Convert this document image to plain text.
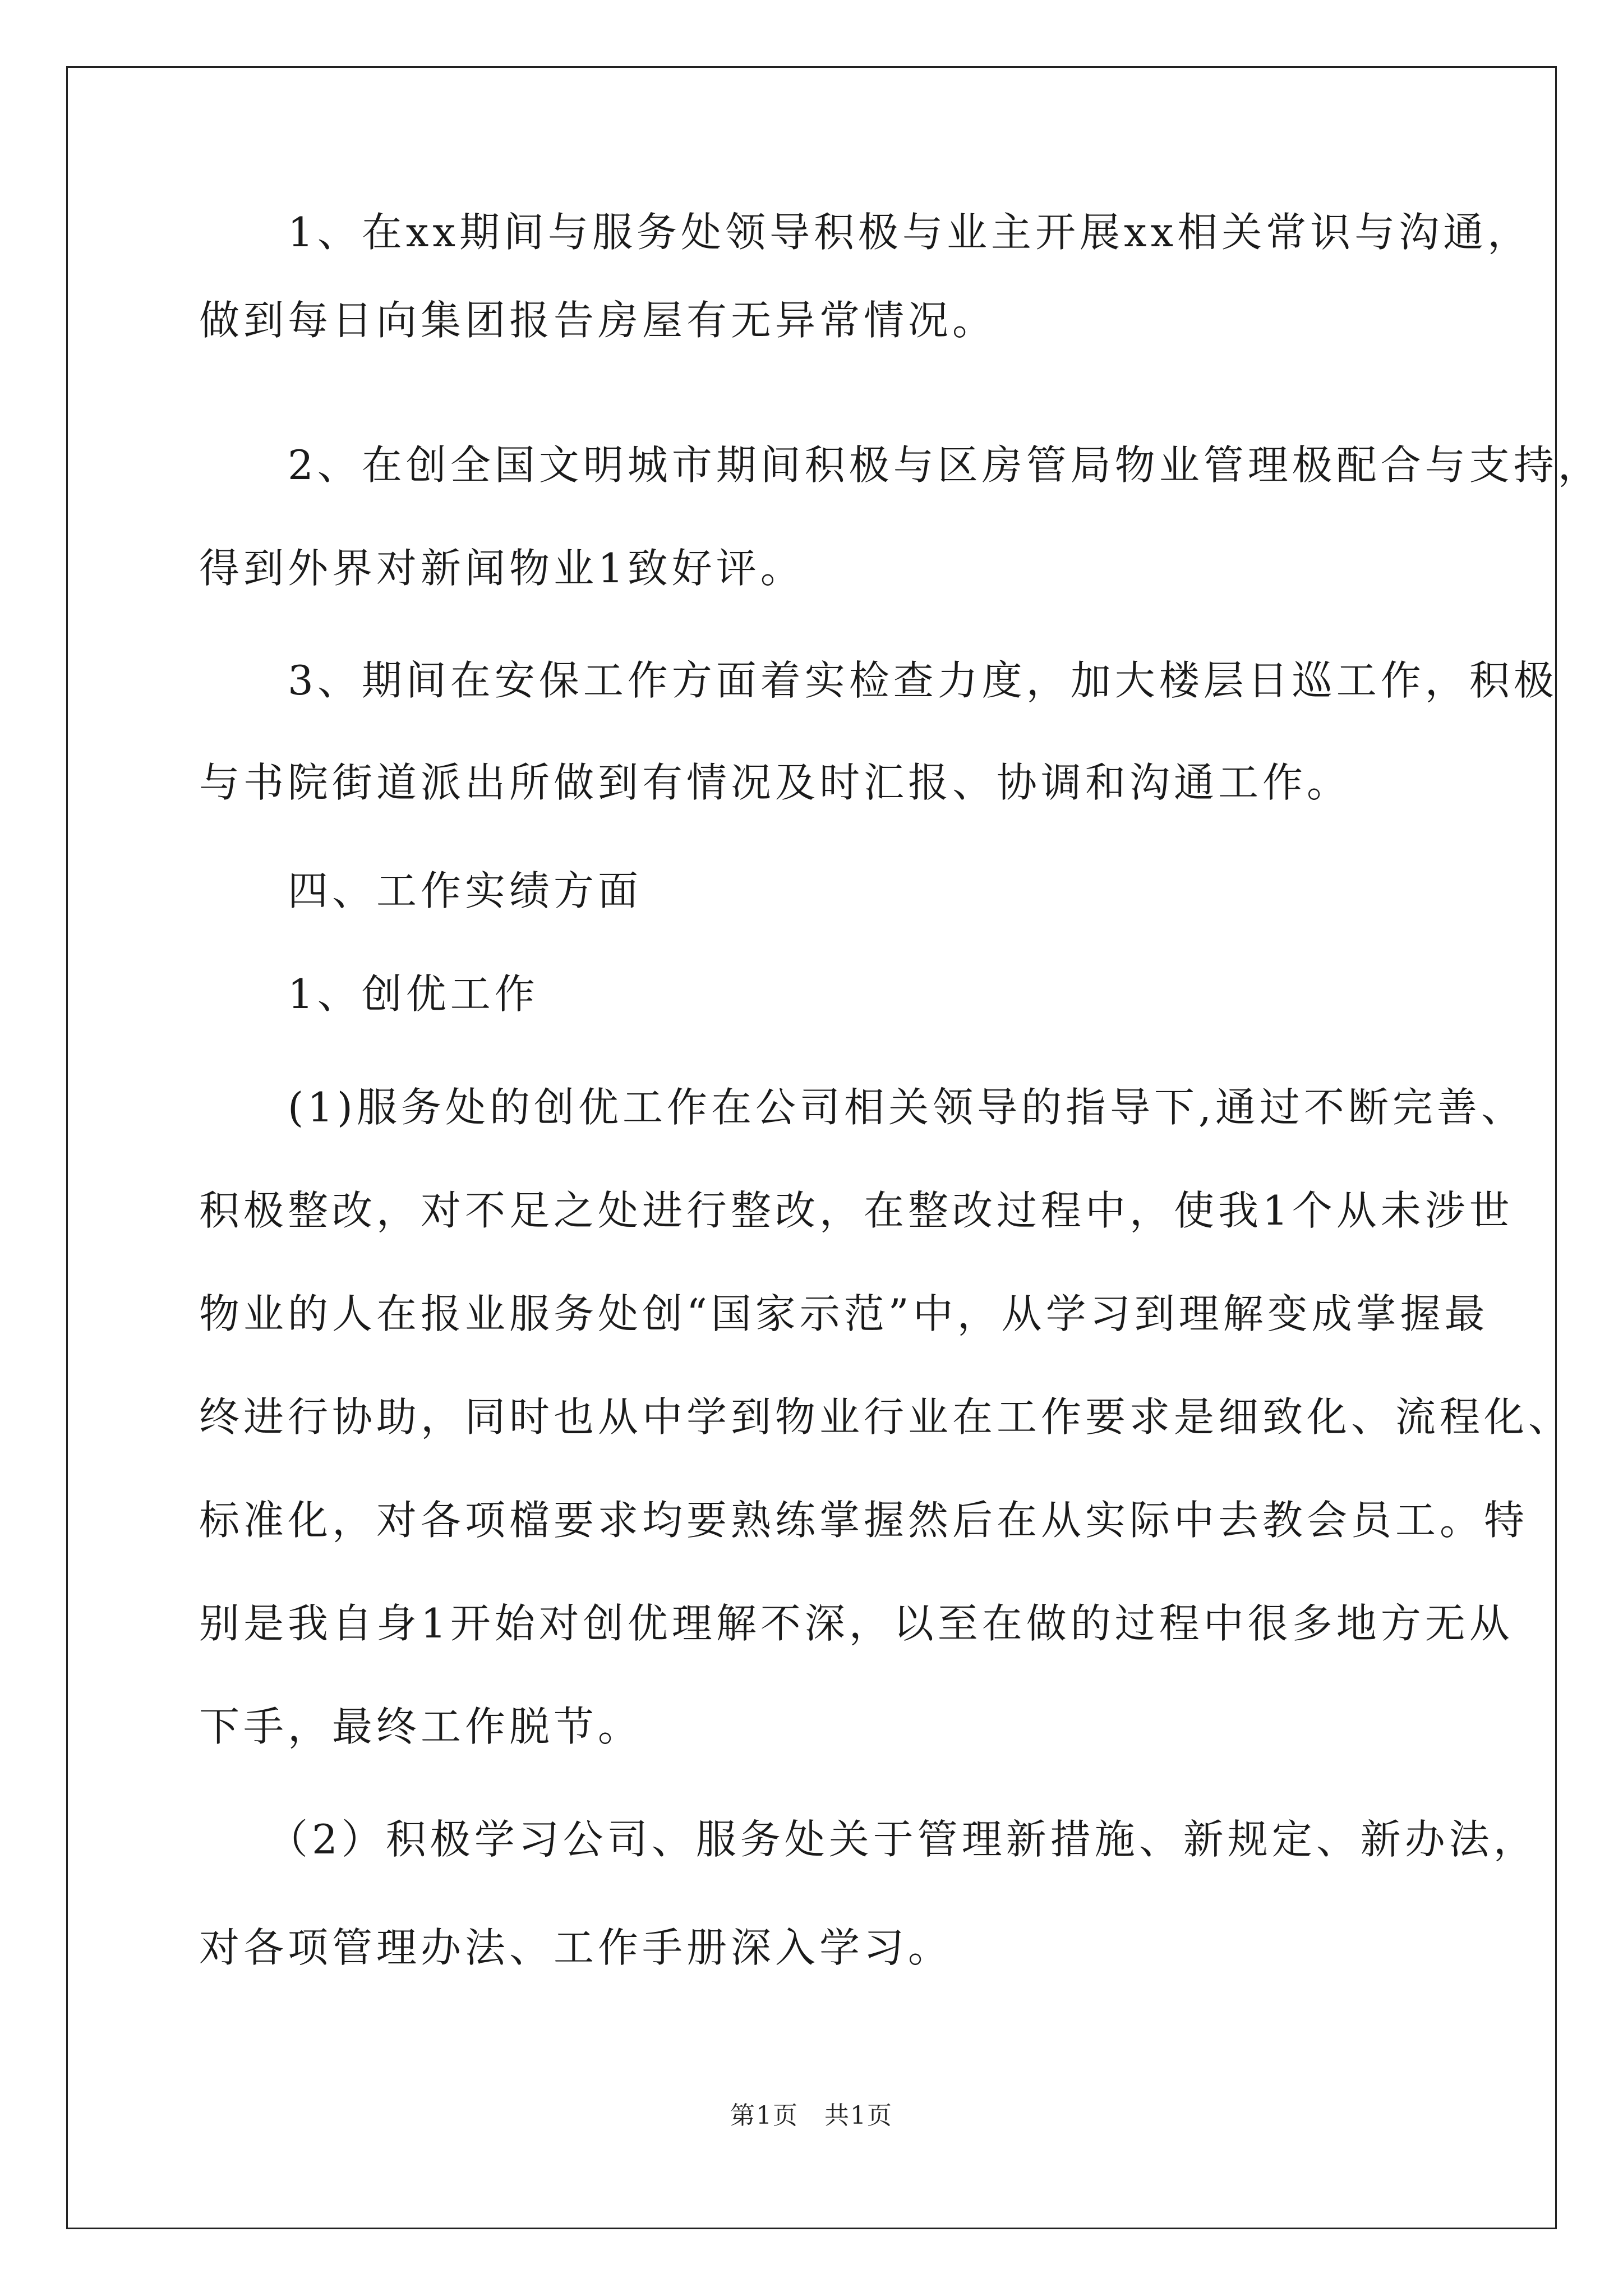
　　1、在xx期间与服务处领导积极与业主开展xx相关常识与沟通，
做到每日向集团报告房屋有无异常情况。
　　2、在创全国文明城市期间积极与区房管局物业管理极配合与支持，
得到外界对新闻物业1致好评。
　　3、期间在安保工作方面着实检查力度，加大楼层日巡工作，积极
与书院街道派出所做到有情况及时汇报、协调和沟通工作。
　　四、工作实绩方面
　　1、创优工作
　　(1)服务处的创优工作在公司相关领导的指导下,通过不断完善、
积极整改，对不足之处进行整改，在整改过程中，使我1个从未涉世
物业的人在报业服务处创“国家示范”中，从学习到理解变成掌握最
终进行协助，同时也从中学到物业行业在工作要求是细致化、流程化、
标准化，对各项檔要求均要熟练掌握然后在从实际中去教会员工。特
别是我自身1开始对创优理解不深，以至在做的过程中很多地方无从
下手，最终工作脱节。
　　（2）积极学习公司、服务处关于管理新措施、新规定、新办法，
对各项管理办法、工作手册深入学习。
第1页　共1页
